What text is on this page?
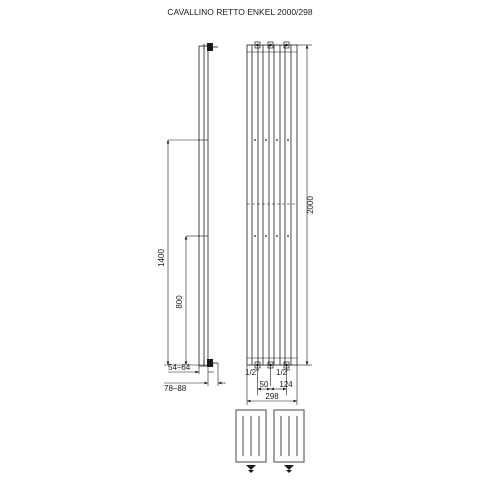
CAVALLINO RETTO ENKEL 2000/298
1400
800
54–64
78–88
2000
1/2" 1/2"
50 124
298
